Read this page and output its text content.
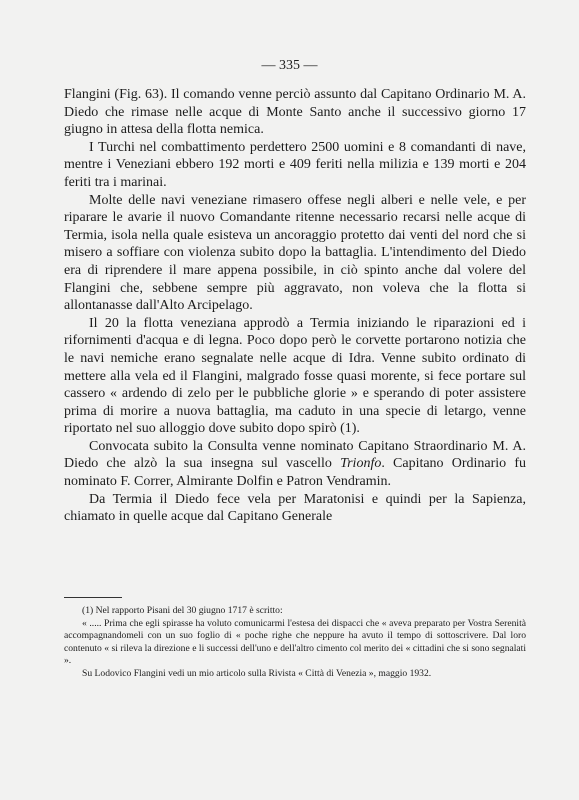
— 335 —

Flangini (Fig. 63). Il comando venne perciò assunto dal Capitano Ordinario M. A. Diedo che rimase nelle acque di Monte Santo anche il successivo giorno 17 giugno in attesa della flotta nemica.

I Turchi nel combattimento perdettero 2500 uomini e 8 comandanti di nave, mentre i Veneziani ebbero 192 morti e 409 feriti nella milizia e 139 morti e 204 feriti tra i marinai.

Molte delle navi veneziane rimasero offese negli alberi e nelle vele, e per riparare le avarie il nuovo Comandante ritenne necessario recarsi nelle acque di Termia, isola nella quale esisteva un ancoraggio protetto dai venti del nord che si misero a soffiare con violenza subito dopo la battaglia. L'intendimento del Diedo era di riprendere il mare appena possibile, in ciò spinto anche dal volere del Flangini che, sebbene sempre più aggravato, non voleva che la flotta si allontanasse dall'Alto Arcipelago.

Il 20 la flotta veneziana approdò a Termia iniziando le riparazioni ed i rifornimenti d'acqua e di legna. Poco dopo però le corvette portarono notizia che le navi nemiche erano segnalate nelle acque di Idra. Venne subito ordinato di mettere alla vela ed il Flangini, malgrado fosse quasi morente, si fece portare sul cassero « ardendo di zelo per le pubbliche glorie » e sperando di poter assistere prima di morire a nuova battaglia, ma caduto in una specie di letargo, venne riportato nel suo alloggio dove subito dopo spirò (1).

Convocata subito la Consulta venne nominato Capitano Straordinario M. A. Diedo che alzò la sua insegna sul vascello Trionfo. Capitano Ordinario fu nominato F. Correr, Almirante Dolfin e Patron Vendramin.

Da Termia il Diedo fece vela per Maratonisi e quindi per la Sapienza, chiamato in quelle acque dal Capitano Generale

(1) Nel rapporto Pisani del 30 giugno 1717 è scritto:

« ..... Prima che egli spirasse ha voluto comunicarmi l'estesa dei dispacci che « aveva preparato per Vostra Serenità accompagnandomeli con un suo foglio di « poche righe che neppure ha avuto il tempo di sottoscrivere. Dal loro contenuto « si rileva la direzione e li successi dell'uno e dell'altro cimento col merito dei « cittadini che si sono segnalati ».

Su Lodovico Flangini vedi un mio articolo sulla Rivista « Città di Venezia », maggio 1932.
